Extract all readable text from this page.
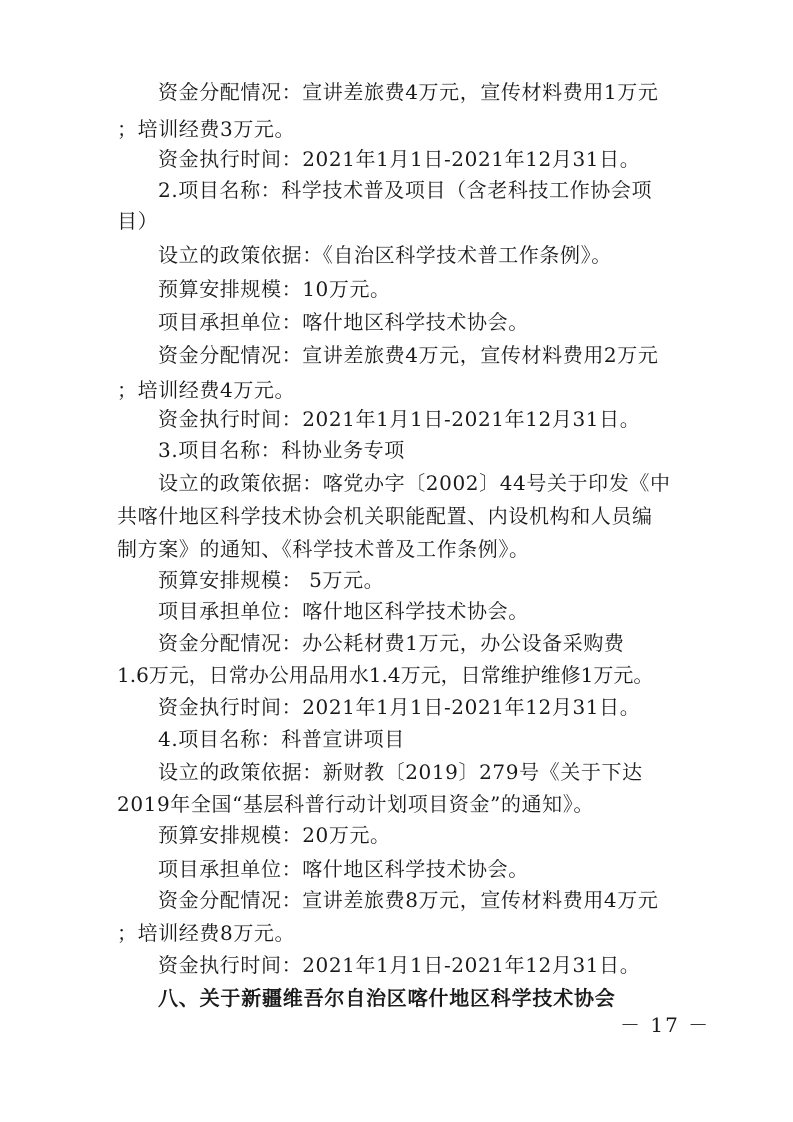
资金分配情况：宣讲差旅费4万元，宣传材料费用1万元
；培训经费3万元。
资金执行时间：2021年1月1日-2021年12月31日。
2.项目名称：科学技术普及项目（含老科技工作协会项
目）
设立的政策依据：《自治区科学技术普工作条例》。
预算安排规模：10万元。
项目承担单位：喀什地区科学技术协会。
资金分配情况：宣讲差旅费4万元，宣传材料费用2万元
；培训经费4万元。
资金执行时间：2021年1月1日-2021年12月31日。
3.项目名称：科协业务专项
设立的政策依据：喀党办字〔2002〕44号关于印发《中
共喀什地区科学技术协会机关职能配置、内设机构和人员编
制方案》的通知、《科学技术普及工作条例》。
预算安排规模： 5万元。
项目承担单位：喀什地区科学技术协会。
资金分配情况：办公耗材费1万元，办公设备采购费
1.6万元，日常办公用品用水1.4万元，日常维护维修1万元。
资金执行时间：2021年1月1日-2021年12月31日。
4.项目名称：科普宣讲项目
设立的政策依据：新财教〔2019〕279号《关于下达
2019年全国“基层科普行动计划项目资金”的通知》。
预算安排规模：20万元。
项目承担单位：喀什地区科学技术协会。
资金分配情况：宣讲差旅费8万元，宣传材料费用4万元
；培训经费8万元。
资金执行时间：2021年1月1日-2021年12月31日。
八、关于新疆维吾尔自治区喀什地区科学技术协会
－ 17 －
